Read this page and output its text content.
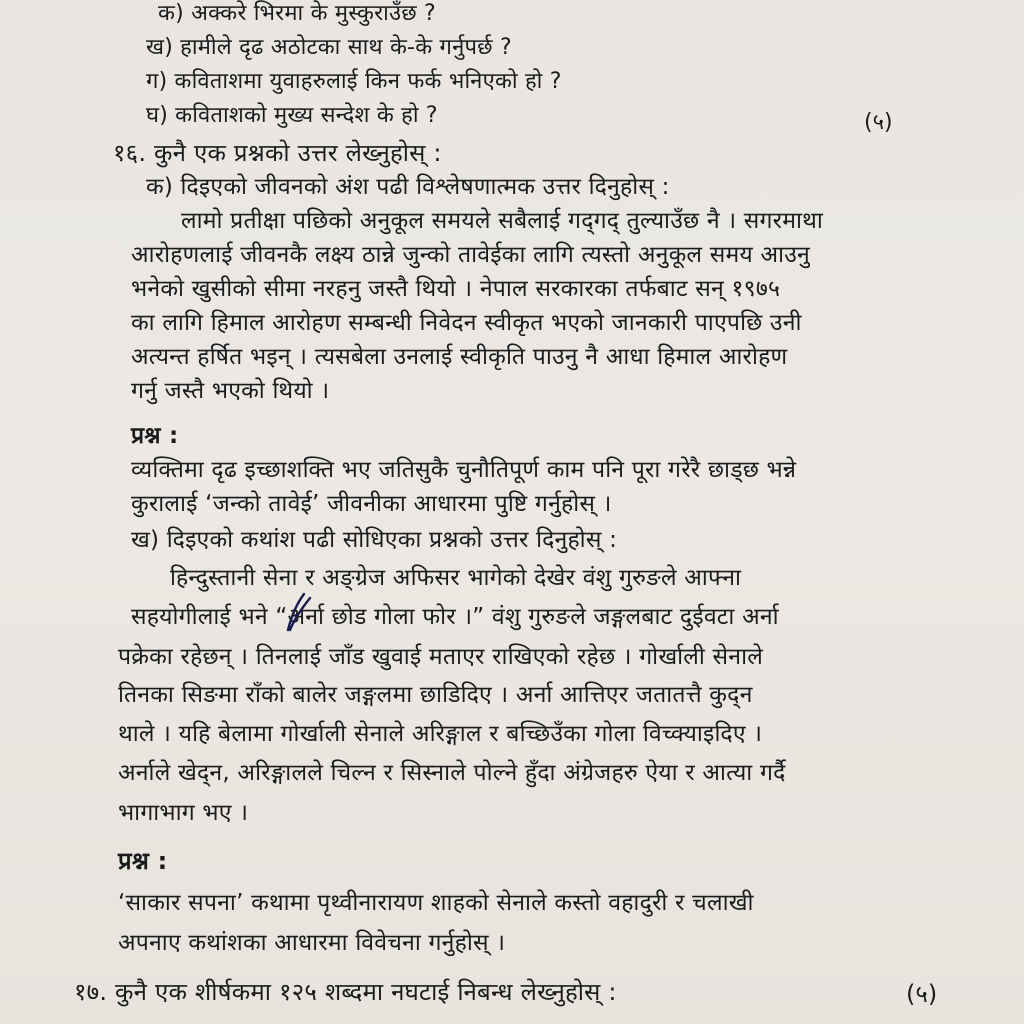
क) अक्करे भिरमा के मुस्कुराउँछ ?
ख) हामीले दृढ अठोटका साथ के-के गर्नुपर्छ ?
ग) कविताशमा युवाहरुलाई किन फर्क भनिएको हो ?
घ) कविताशको मुख्य सन्देश के हो ?	(५)
१६. कुनै एक प्रश्नको उत्तर लेख्नुहोस् :
क) दिइएको जीवनको अंश पढी विश्लेषणात्मक उत्तर दिनुहोस् :
लामो प्रतीक्षा पछिको अनुकूल समयले सबैलाई गद्‌गद् तुल्याउँछ नै । सगरमाथा
आरोहणलाई जीवनकै लक्ष्य ठान्ने जुन्को तावेईका लागि त्यस्तो अनुकूल समय आउनु
भनेको खुसीको सीमा नरहनु जस्तै थियो । नेपाल सरकारका तर्फबाट सन् १९७५
का लागि हिमाल आरोहण सम्बन्धी निवेदन स्वीकृत भएको जानकारी पाएपछि उनी
अत्यन्त हर्षित भइन् । त्यसबेला उनलाई स्वीकृति पाउनु नै आधा हिमाल आरोहण
गर्नु जस्तै भएको थियो ।
प्रश्न :
व्यक्तिमा दृढ इच्छाशक्ति भए जतिसुकै चुनौतिपूर्ण काम पनि पूरा गरेरै छाड्छ भन्ने
कुरालाई ‘जन्को तावेई’ जीवनीका आधारमा पुष्टि गर्नुहोस् ।
ख) दिइएको कथांश पढी सोधिएका प्रश्नको उत्तर दिनुहोस् :
हिन्दुस्तानी सेना र अङ्ग्रेज अफिसर भागेको देखेर वंशु गुरुङले आफ्ना
सहयोगीलाई भने “अर्ना छोड गोला फोर ।” वंशु गुरुङले जङ्गलबाट दुईवटा अर्ना
पक्रेका रहेछन् । तिनलाई जाँड खुवाई मताएर राखिएको रहेछ । गोर्खाली सेनाले
तिनका सिङमा राँको बालेर जङ्गलमा छाडिदिए । अर्ना आत्तिएर जतातत्तै कुद्न
थाले । यहि बेलामा गोर्खाली सेनाले अरिङ्गाल र बच्छिउँका गोला विच्क्याइदिए ।
अर्नाले खेद्न, अरिङ्गालले चिल्न र सिस्नाले पोल्ने हुँदा अंग्रेजहरु ऐया र आत्या गर्दै
भागाभाग भए ।
प्रश्न :
‘साकार सपना’ कथामा पृथ्वीनारायण शाहको सेनाले कस्तो वहादुरी र चलाखी
अपनाए कथांशका आधारमा विवेचना गर्नुहोस् ।
१७. कुनै एक शीर्षकमा १२५ शब्दमा नघटाई निबन्ध लेख्नुहोस् :	(५)
